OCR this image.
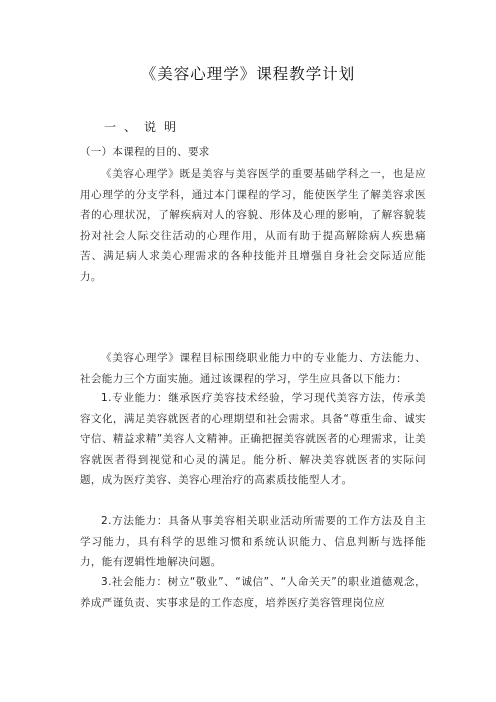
《美容心理学》课程教学计划
一、说明
（一）本课程的目的、要求

《美容心理学》既是美容与美容医学的重要基础学科之一，也是应用心理学的分支学科，通过本门课程的学习，能使医学生了解美容求医者的心理状况，了解疾病对人的容貌、形体及心理的影响，了解容貌装扮对社会人际交往活动的心理作用，从而有助于提高解除病人疾患痛苦、满足病人求美心理需求的各种技能并且增强自身社会交际适应能力。

《美容心理学》课程目标围绕职业能力中的专业能力、方法能力、社会能力三个方面实施。通过该课程的学习，学生应具备以下能力：

1.专业能力：继承医疗美容技术经验，学习现代美容方法，传承美容文化，满足美容就医者的心理期望和社会需求。具备“尊重生命、诚实守信、精益求精”美容人文精神。正确把握美容就医者的心理需求，让美容就医者得到视觉和心灵的满足。能分析、解决美容就医者的实际问题，成为医疗美容、美容心理治疗的高素质技能型人才。

2.方法能力：具备从事美容相关职业活动所需要的工作方法及自主学习能力，具有科学的思维习惯和系统认识能力、信息判断与选择能力，能有逻辑性地解决问题。

3.社会能力：树立“敬业”、“诚信”、“人命关天”的职业道德观念，养成严谨负责、实事求是的工作态度，培养医疗美容管理岗位应
